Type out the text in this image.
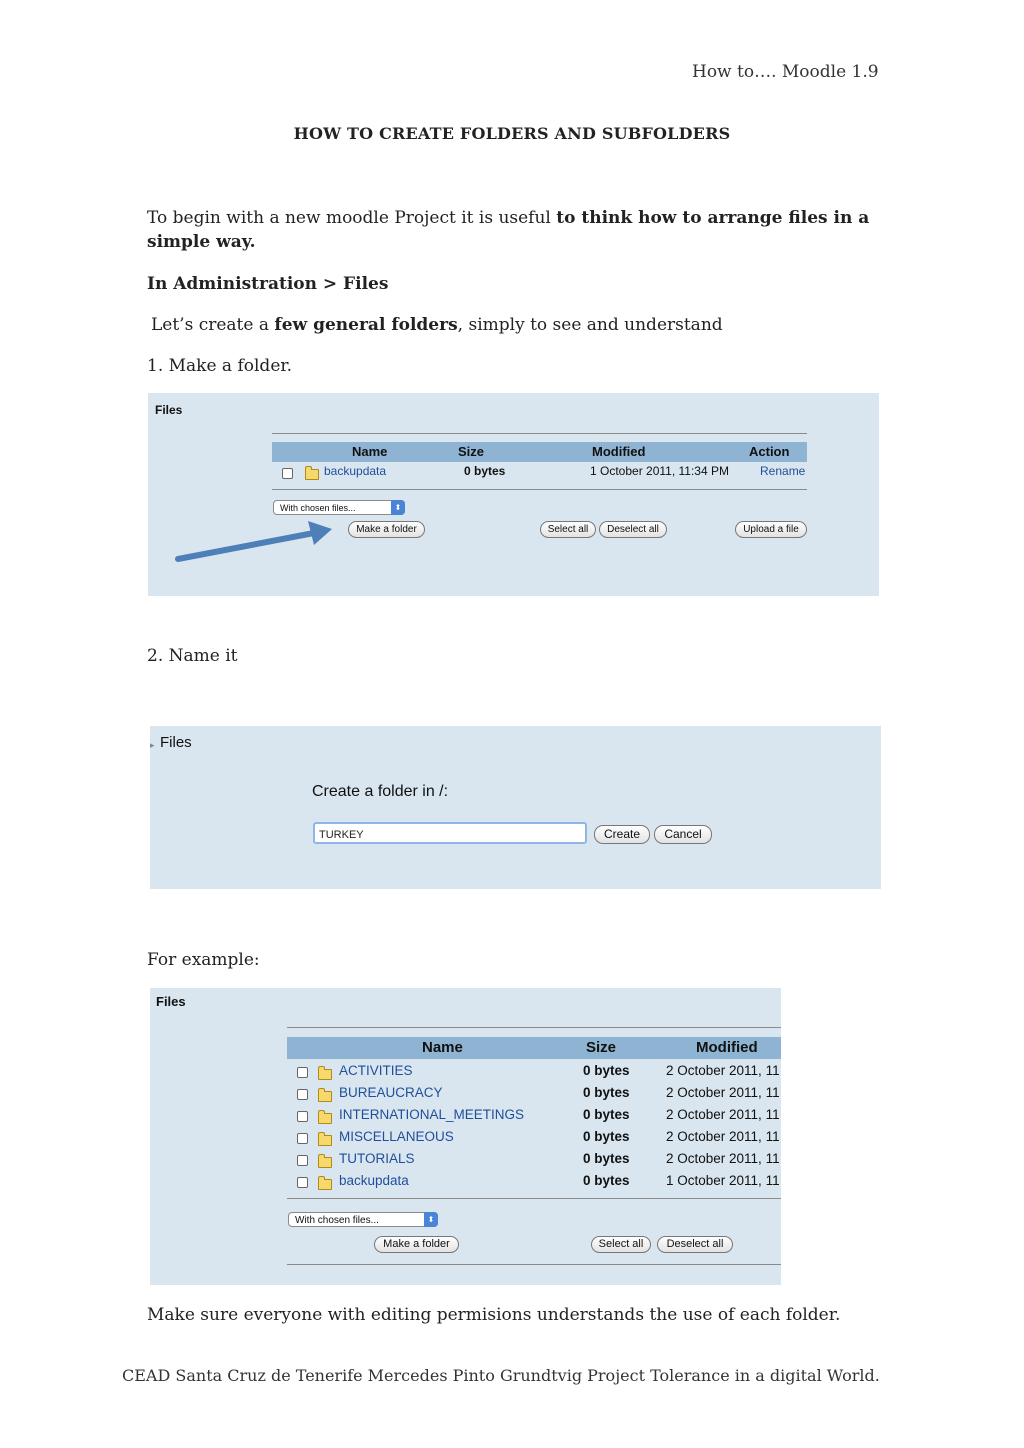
How to…. Moodle 1.9
HOW TO CREATE FOLDERS AND SUBFOLDERS
To begin with a new moodle Project it is useful to think how to arrange files in a
simple way.
In Administration > Files
Let’s create a few general folders, simply to see and understand
1. Make a folder.
Files
Name	Size	Modified	Action
backupdata	0 bytes	1 October 2011, 11:34 PM	Rename
With chosen files...	⬍
Make a folder	Select all	Deselect all	Upload a file
2. Name it
▸ Files
Create a folder in /:
TURKEY	Create	Cancel
For example:
Files
Name	Size	Modified
ACTIVITIES	0 bytes	2 October 2011, 11
BUREAUCRACY	0 bytes	2 October 2011, 11
INTERNATIONAL_MEETINGS	0 bytes	2 October 2011, 11
MISCELLANEOUS	0 bytes	2 October 2011, 11
TUTORIALS	0 bytes	2 October 2011, 11
backupdata	0 bytes	1 October 2011, 11
With chosen files...	⬍
Make a folder	Select all	Deselect all
Make sure everyone with editing permisions understands the use of each folder.
CEAD Santa Cruz de Tenerife Mercedes Pinto Grundtvig Project Tolerance in a digital World.
